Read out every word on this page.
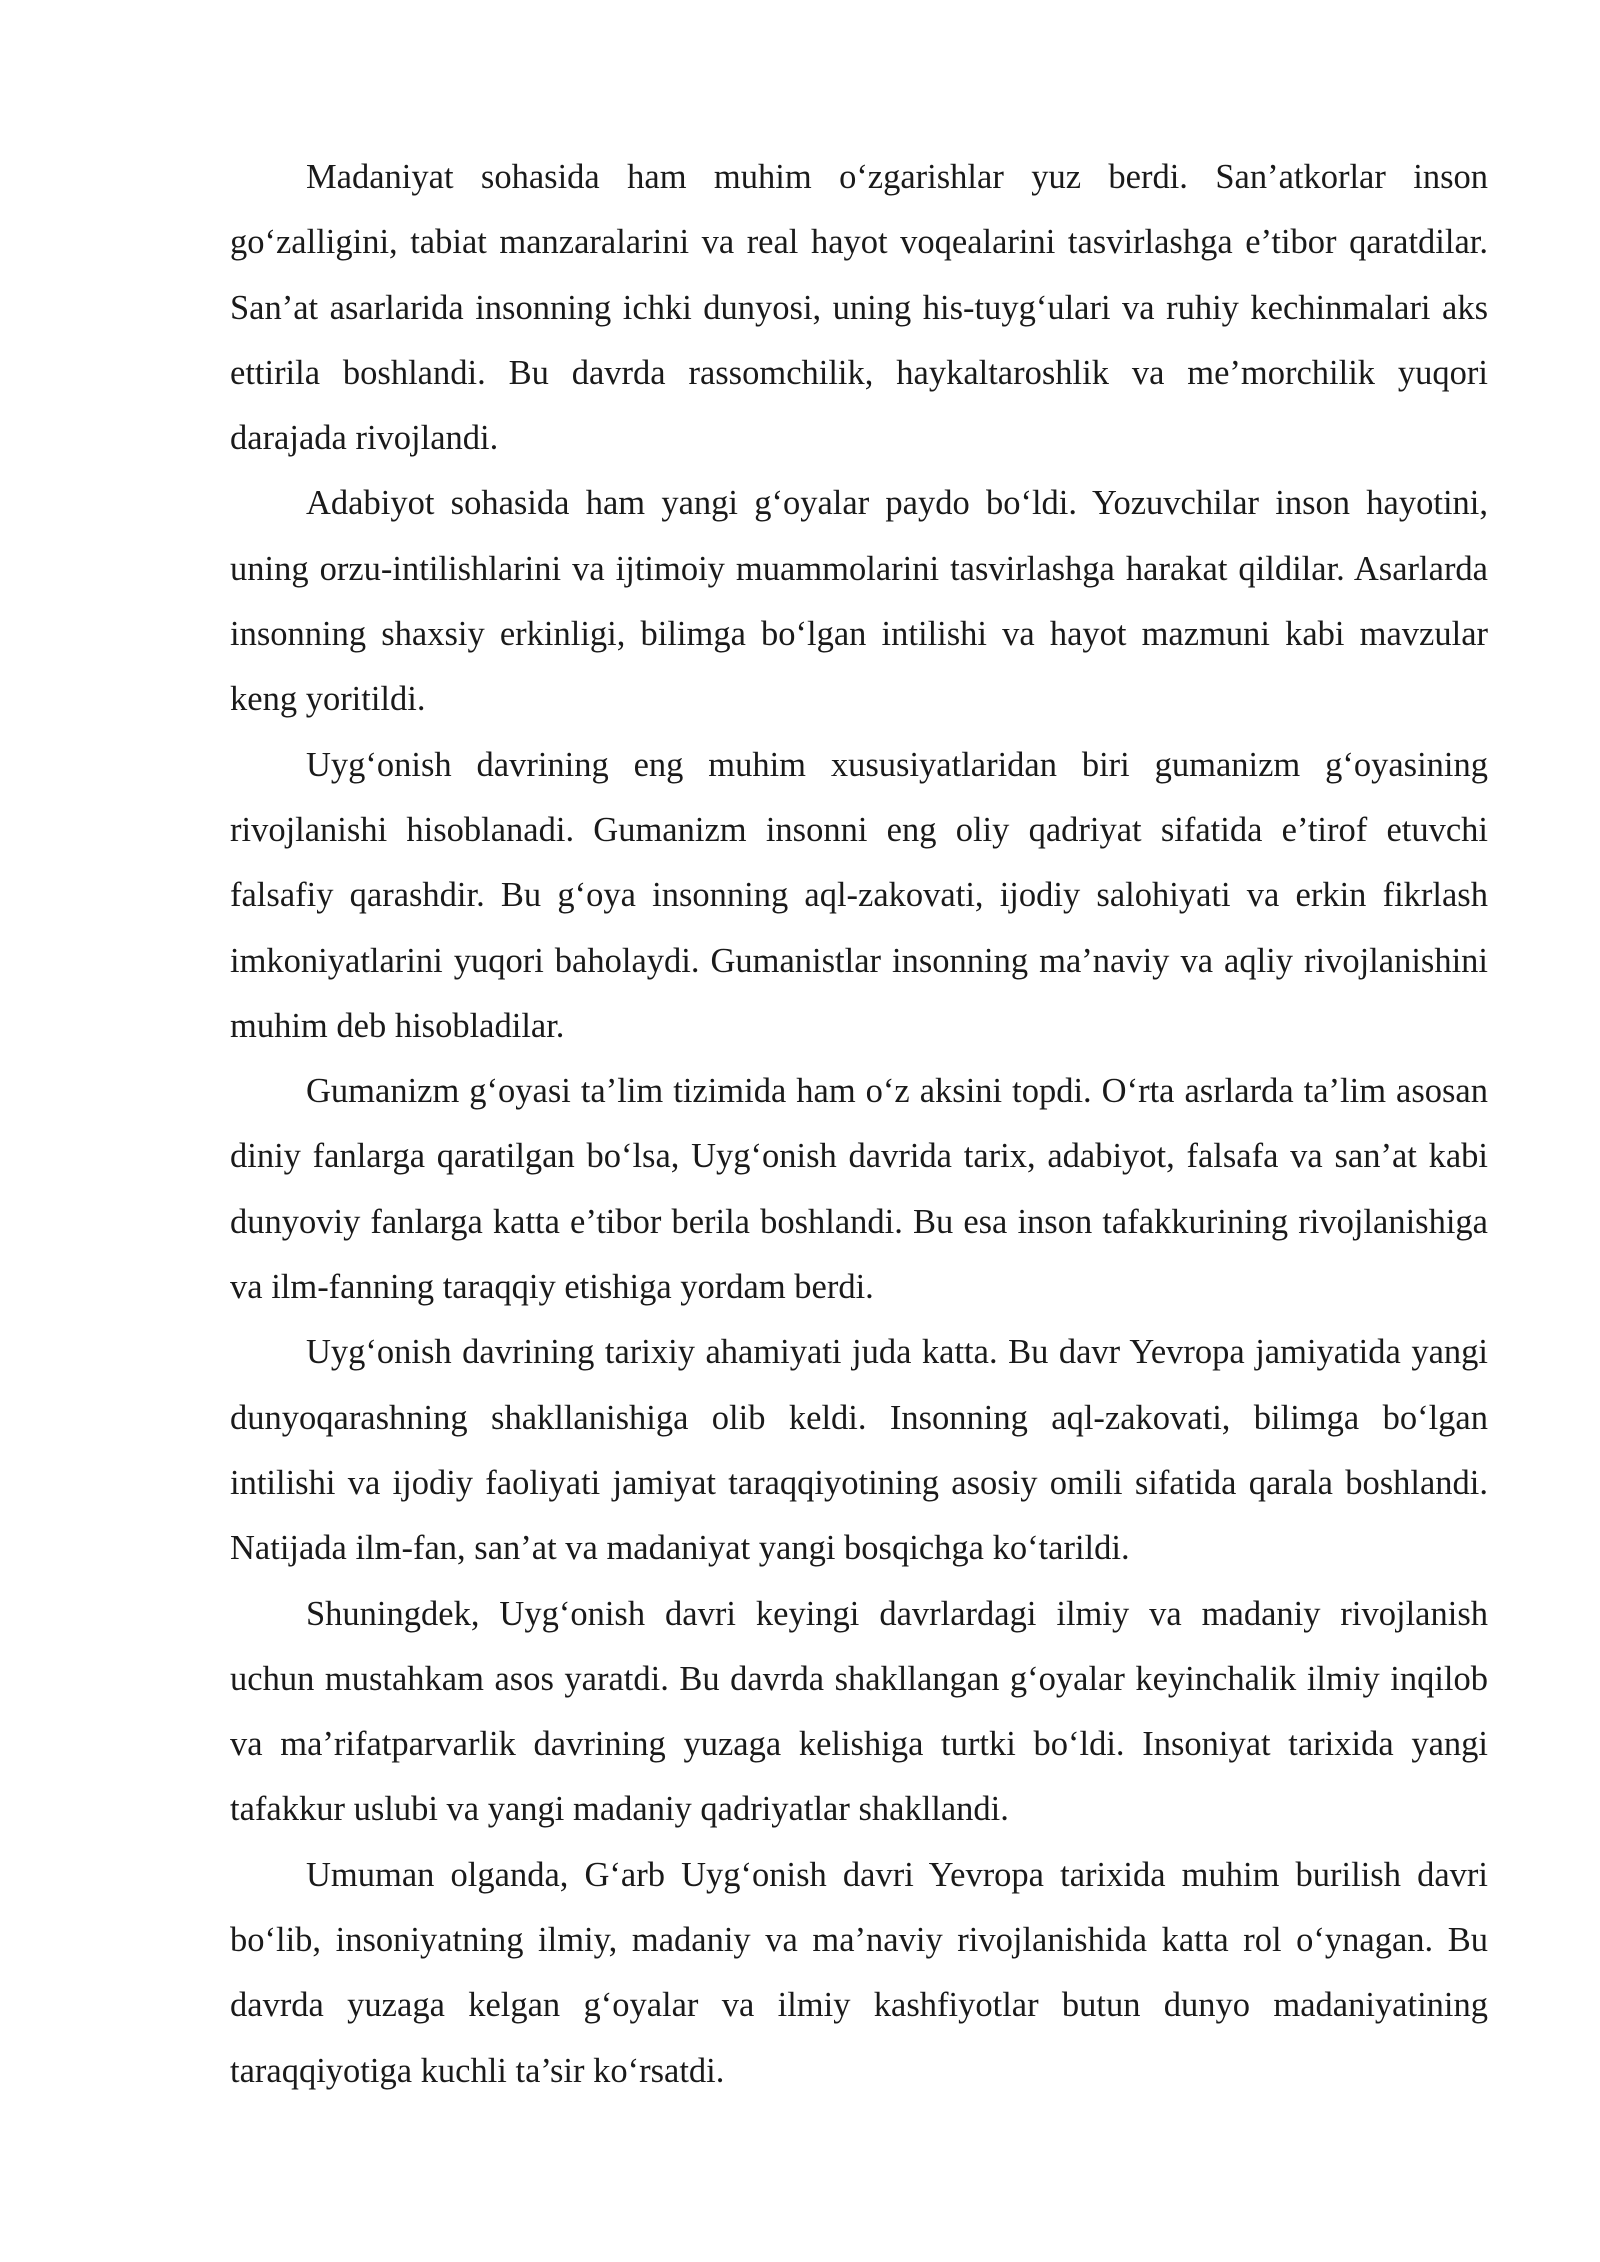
Madaniyat sohasida ham muhim o‘zgarishlar yuz berdi. San’atkorlar inson go‘zalligini, tabiat manzaralarini va real hayot voqealarini tasvirlashga e’tibor qaratdilar. San’at asarlarida insonning ichki dunyosi, uning his-tuyg‘ulari va ruhiy kechinmalari aks ettirila boshlandi. Bu davrda rassomchilik, haykaltaroshlik va me’morchilik yuqori darajada rivojlandi.

Adabiyot sohasida ham yangi g‘oyalar paydo bo‘ldi. Yozuvchilar inson hayotini, uning orzu-intilishlarini va ijtimoiy muammolarini tasvirlashga harakat qildilar. Asarlarda insonning shaxsiy erkinligi, bilimga bo‘lgan intilishi va hayot mazmuni kabi mavzular keng yoritildi.

Uyg‘onish davrining eng muhim xususiyatlaridan biri gumanizm g‘oyasining rivojlanishi hisoblanadi. Gumanizm insonni eng oliy qadriyat sifatida e’tirof etuvchi falsafiy qarashdir. Bu g‘oya insonning aql-zakovati, ijodiy salohiyati va erkin fikrlash imkoniyatlarini yuqori baholaydi. Gumanistlar insonning ma’naviy va aqliy rivojlanishini muhim deb hisobladilar.

Gumanizm g‘oyasi ta’lim tizimida ham o‘z aksini topdi. O‘rta asrlarda ta’lim asosan diniy fanlarga qaratilgan bo‘lsa, Uyg‘onish davrida tarix, adabiyot, falsafa va san’at kabi dunyoviy fanlarga katta e’tibor berila boshlandi. Bu esa inson tafakkurining rivojlanishiga va ilm-fanning taraqqiy etishiga yordam berdi.

Uyg‘onish davrining tarixiy ahamiyati juda katta. Bu davr Yevropa jamiyatida yangi dunyoqarashning shakllanishiga olib keldi. Insonning aql-zakovati, bilimga bo‘lgan intilishi va ijodiy faoliyati jamiyat taraqqiyotining asosiy omili sifatida qarala boshlandi. Natijada ilm-fan, san’at va madaniyat yangi bosqichga ko‘tarildi.

Shuningdek, Uyg‘onish davri keyingi davrlardagi ilmiy va madaniy rivojlanish uchun mustahkam asos yaratdi. Bu davrda shakllangan g‘oyalar keyinchalik ilmiy inqilob va ma’rifatparvarlik davrining yuzaga kelishiga turtki bo‘ldi. Insoniyat tarixida yangi tafakkur uslubi va yangi madaniy qadriyatlar shakllandi.

Umuman olganda, G‘arb Uyg‘onish davri Yevropa tarixida muhim burilish davri bo‘lib, insoniyatning ilmiy, madaniy va ma’naviy rivojlanishida katta rol o‘ynagan. Bu davrda yuzaga kelgan g‘oyalar va ilmiy kashfiyotlar butun dunyo madaniyatining taraqqiyotiga kuchli ta’sir ko‘rsatdi.
